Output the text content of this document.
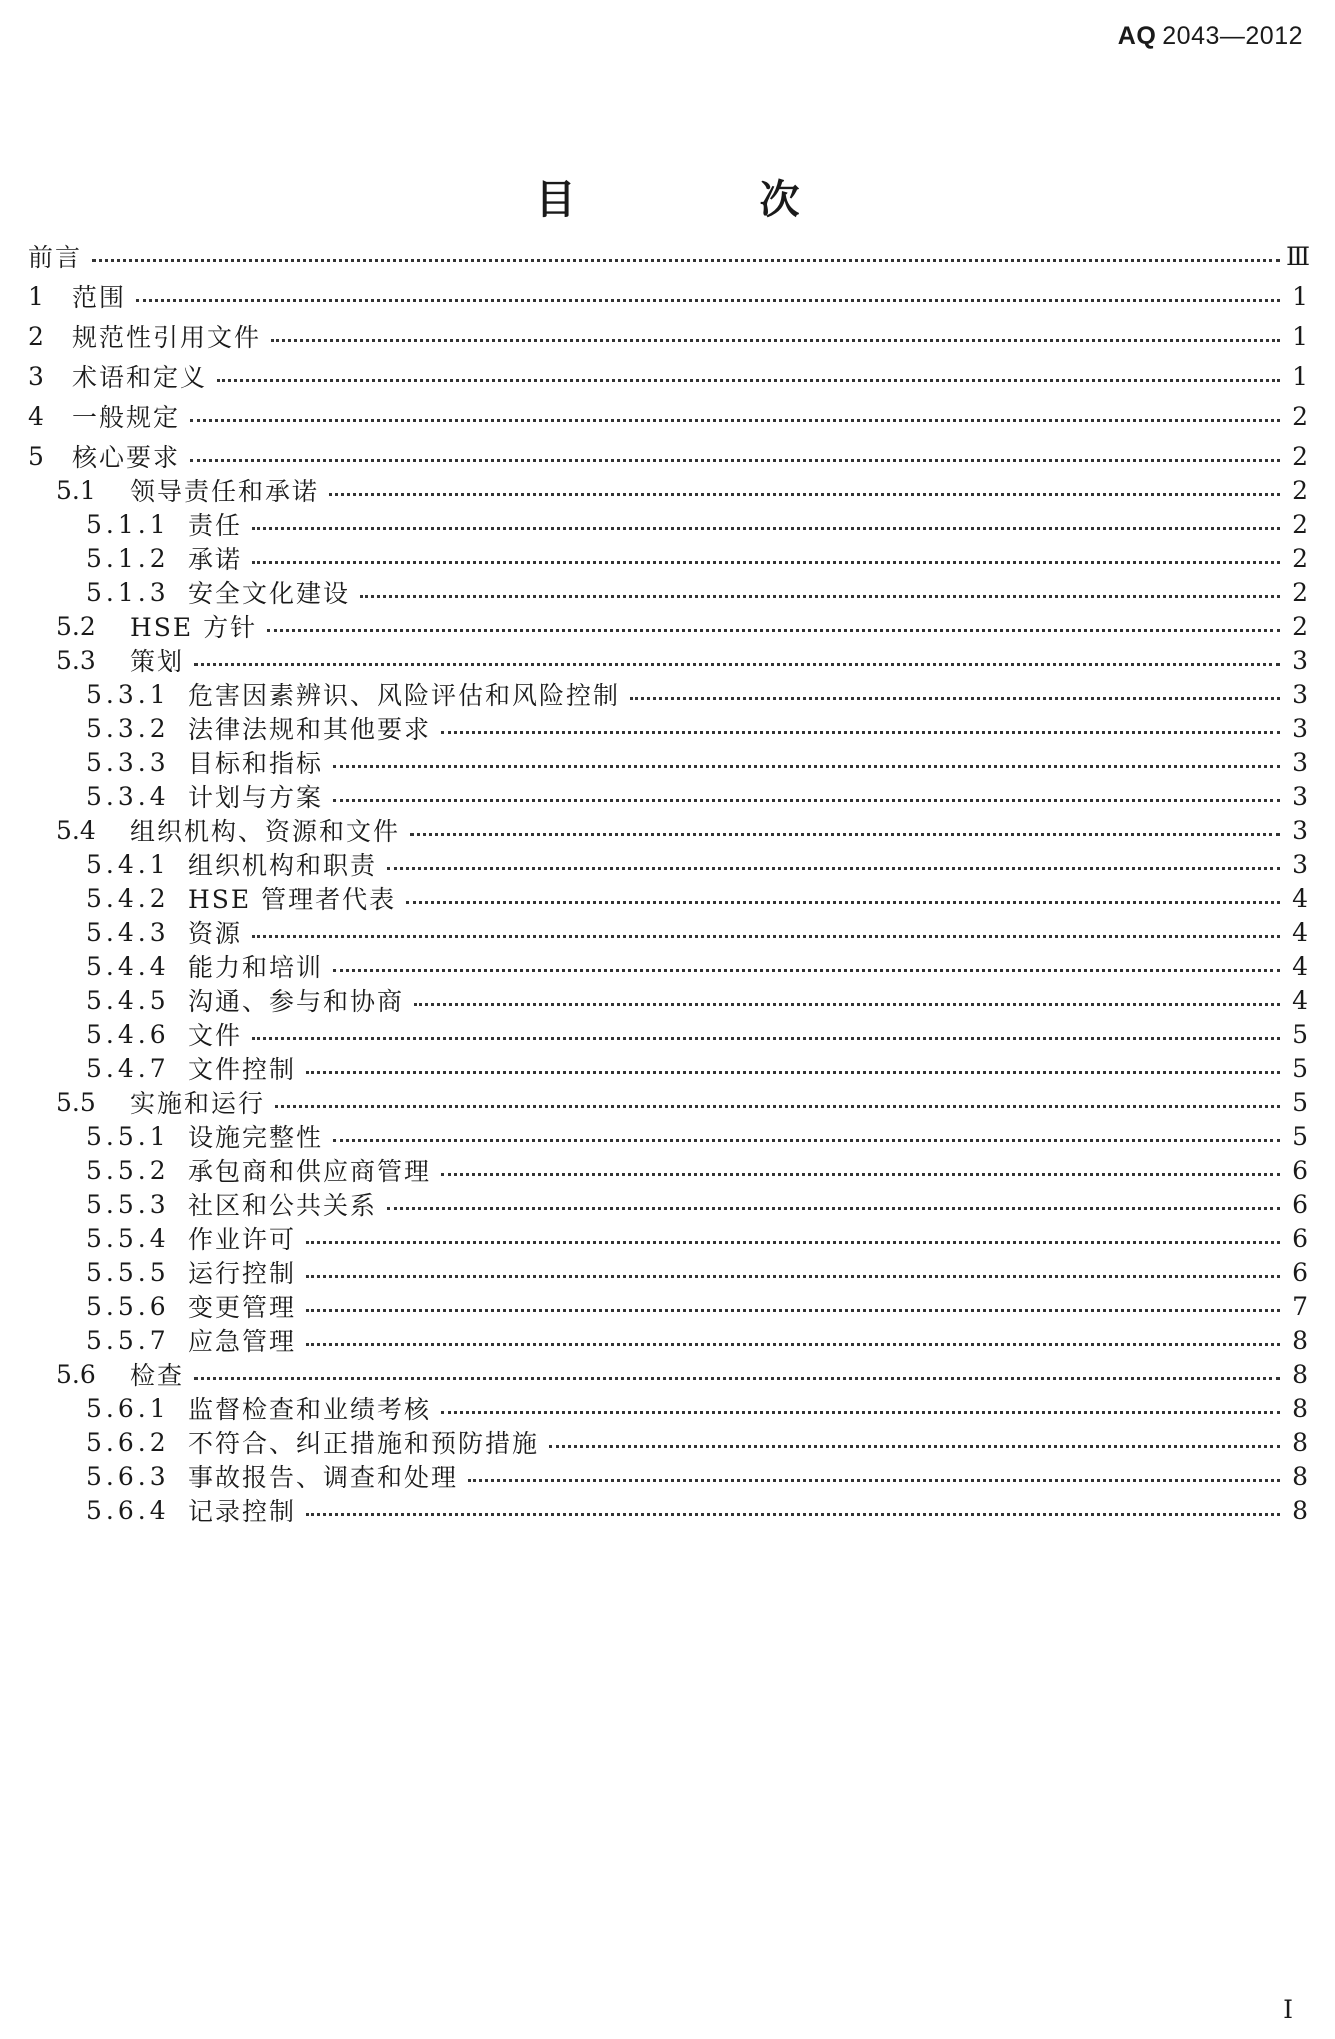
AQ 2043—2012
目　次
前言	Ⅲ
1	范围	1
2	规范性引用文件	1
3	术语和定义	1
4	一般规定	2
5	核心要求	2
5.1	领导责任和承诺	2
5.1.1 责任	2
5.1.2 承诺	2
5.1.3 安全文化建设	2
5.2	HSE 方针	2
5.3	策划	3
5.3.1 危害因素辨识、风险评估和风险控制	3
5.3.2 法律法规和其他要求	3
5.3.3 目标和指标	3
5.3.4 计划与方案	3
5.4	组织机构、资源和文件	3
5.4.1 组织机构和职责	3
5.4.2 HSE 管理者代表	4
5.4.3 资源	4
5.4.4 能力和培训	4
5.4.5 沟通、参与和协商	4
5.4.6 文件	5
5.4.7 文件控制	5
5.5	实施和运行	5
5.5.1 设施完整性	5
5.5.2 承包商和供应商管理	6
5.5.3 社区和公共关系	6
5.5.4 作业许可	6
5.5.5 运行控制	6
5.5.6 变更管理	7
5.5.7 应急管理	8
5.6	检查	8
5.6.1 监督检查和业绩考核	8
5.6.2 不符合、纠正措施和预防措施	8
5.6.3 事故报告、调查和处理	8
5.6.4 记录控制	8
I
